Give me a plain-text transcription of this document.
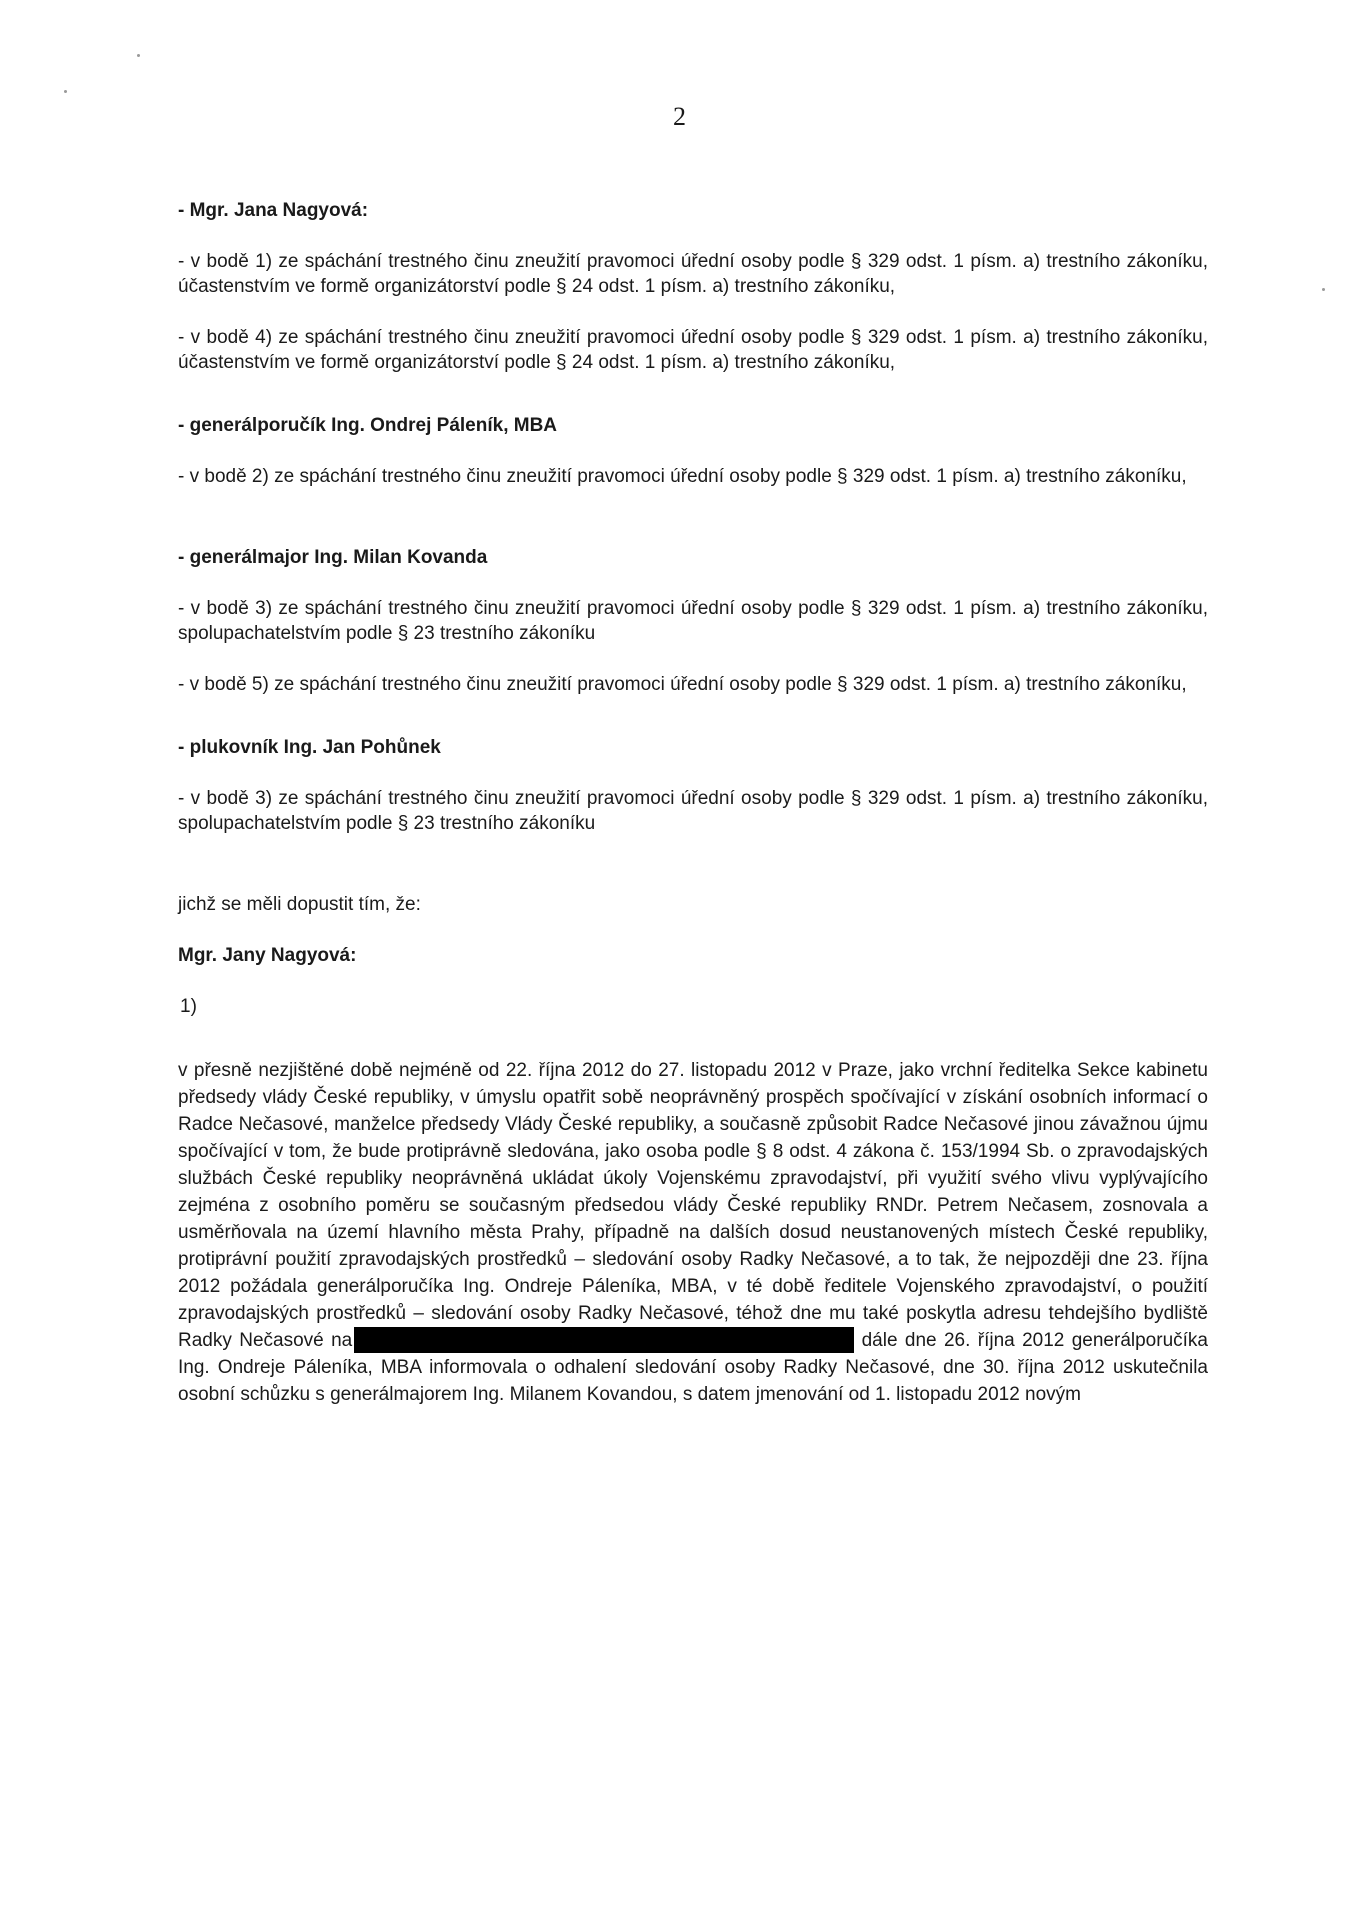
2

- Mgr. Jana Nagyová:

- v bodě 1) ze spáchání trestného činu zneužití pravomoci úřední osoby podle § 329 odst. 1 písm. a) trestního zákoníku, účastenstvím ve formě organizátorství podle § 24 odst. 1 písm. a) trestního zákoníku,

- v bodě 4) ze spáchání trestného činu zneužití pravomoci úřední osoby podle § 329 odst. 1 písm. a) trestního zákoníku, účastenstvím ve formě organizátorství podle § 24 odst. 1 písm. a) trestního zákoníku,

- generálporučík Ing. Ondrej Páleník, MBA

- v bodě 2) ze spáchání trestného činu zneužití pravomoci úřední osoby podle § 329 odst. 1 písm. a) trestního zákoníku,

- generálmajor Ing. Milan Kovanda

- v bodě 3) ze spáchání trestného činu zneužití pravomoci úřední osoby podle § 329 odst. 1 písm. a) trestního zákoníku, spolupachatelstvím podle § 23 trestního zákoníku

- v bodě 5) ze spáchání trestného činu zneužití pravomoci úřední osoby podle § 329 odst. 1 písm. a) trestního zákoníku,

- plukovník Ing. Jan Pohůnek

- v bodě 3) ze spáchání trestného činu zneužití pravomoci úřední osoby podle § 329 odst. 1 písm. a) trestního zákoníku, spolupachatelstvím podle § 23 trestního zákoníku

jichž se měli dopustit tím, že:

Mgr. Jany Nagyová:

1)

v přesně nezjištěné době nejméně od 22. října 2012 do 27. listopadu 2012 v Praze, jako vrchní ředitelka Sekce kabinetu předsedy vlády České republiky, v úmyslu opatřit sobě neoprávněný prospěch spočívající v získání osobních informací o Radce Nečasové, manželce předsedy Vlády České republiky, a současně způsobit Radce Nečasové jinou závažnou újmu spočívající v tom, že bude protiprávně sledována, jako osoba podle § 8 odst. 4 zákona č. 153/1994 Sb. o zpravodajských službách České republiky neoprávněná ukládat úkoly Vojenskému zpravodajství, při využití svého vlivu vyplývajícího zejména z osobního poměru se současným předsedou vlády České republiky RNDr. Petrem Nečasem, zosnovala a usměrňovala na území hlavního města Prahy, případně na dalších dosud neustanovených místech České republiky, protiprávní použití zpravodajských prostředků – sledování osoby Radky Nečasové, a to tak, že nejpozději dne 23. října 2012 požádala generálporučíka Ing. Ondreje Páleníka, MBA, v té době ředitele Vojenského zpravodajství, o použití zpravodajských prostředků – sledování osoby Radky Nečasové, téhož dne mu také poskytla adresu tehdejšího bydliště Radky Nečasové na	dále dne 26. října 2012 generálporučíka Ing. Ondreje Páleníka, MBA informovala o odhalení sledování osoby Radky Nečasové, dne 30. října 2012 uskutečnila osobní schůzku s generálmajorem Ing. Milanem Kovandou, s datem jmenování od 1. listopadu 2012 novým
